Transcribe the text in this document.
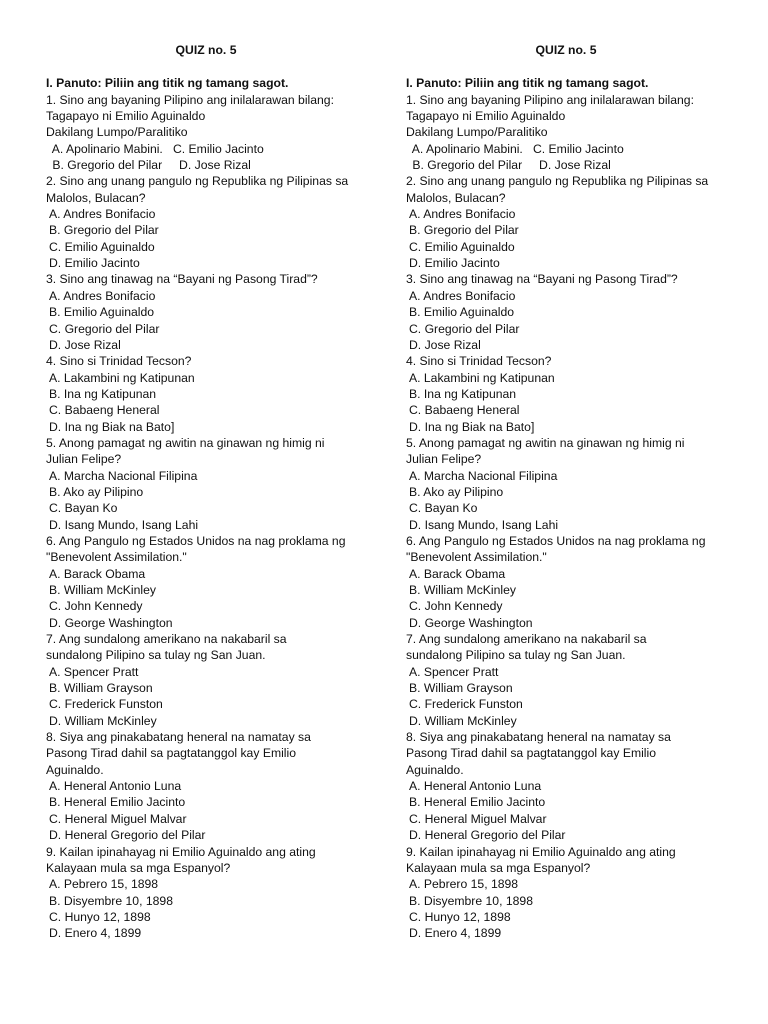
QUIZ no. 5
I. Panuto: Piliin ang titik ng tamang sagot.
1. Sino ang bayaning Pilipino ang inilalarawan bilang:
Tagapayo ni Emilio Aguinaldo
Dakilang Lumpo/Paralitiko
A. Apolinario Mabini.   C. Emilio Jacinto
B. Gregorio del Pilar     D. Jose Rizal
2. Sino ang unang pangulo ng Republika ng Pilipinas sa
Malolos, Bulacan?
A. Andres Bonifacio
B. Gregorio del Pilar
C. Emilio Aguinaldo
D. Emilio Jacinto
3. Sino ang tinawag na “Bayani ng Pasong Tirad”?
A. Andres Bonifacio
B. Emilio Aguinaldo
C. Gregorio del Pilar
D. Jose Rizal
4. Sino si Trinidad Tecson?
A. Lakambini ng Katipunan
B. Ina ng Katipunan
C. Babaeng Heneral
D. Ina ng Biak na Bato]
5. Anong pamagat ng awitin na ginawan ng himig ni
Julian Felipe?
A. Marcha Nacional Filipina
B. Ako ay Pilipino
C. Bayan Ko
D. Isang Mundo, Isang Lahi
6. Ang Pangulo ng Estados Unidos na nag proklama ng
"Benevolent Assimilation."
A. Barack Obama
B. William McKinley
C. John Kennedy
D. George Washington
7. Ang sundalong amerikano na nakabaril sa
sundalong Pilipino sa tulay ng San Juan.
A. Spencer Pratt
B. William Grayson
C. Frederick Funston
D. William McKinley
8. Siya ang pinakabatang heneral na namatay sa
Pasong Tirad dahil sa pagtatanggol kay Emilio
Aguinaldo.
A. Heneral Antonio Luna
B. Heneral Emilio Jacinto
C. Heneral Miguel Malvar
D. Heneral Gregorio del Pilar
9. Kailan ipinahayag ni Emilio Aguinaldo ang ating
Kalayaan mula sa mga Espanyol?
A. Pebrero 15, 1898
B. Disyembre 10, 1898
C. Hunyo 12, 1898
D. Enero 4, 1899
QUIZ no. 5
I. Panuto: Piliin ang titik ng tamang sagot.
1. Sino ang bayaning Pilipino ang inilalarawan bilang:
Tagapayo ni Emilio Aguinaldo
Dakilang Lumpo/Paralitiko
A. Apolinario Mabini.   C. Emilio Jacinto
B. Gregorio del Pilar     D. Jose Rizal
2. Sino ang unang pangulo ng Republika ng Pilipinas sa
Malolos, Bulacan?
A. Andres Bonifacio
B. Gregorio del Pilar
C. Emilio Aguinaldo
D. Emilio Jacinto
3. Sino ang tinawag na “Bayani ng Pasong Tirad”?
A. Andres Bonifacio
B. Emilio Aguinaldo
C. Gregorio del Pilar
D. Jose Rizal
4. Sino si Trinidad Tecson?
A. Lakambini ng Katipunan
B. Ina ng Katipunan
C. Babaeng Heneral
D. Ina ng Biak na Bato]
5. Anong pamagat ng awitin na ginawan ng himig ni
Julian Felipe?
A. Marcha Nacional Filipina
B. Ako ay Pilipino
C. Bayan Ko
D. Isang Mundo, Isang Lahi
6. Ang Pangulo ng Estados Unidos na nag proklama ng
"Benevolent Assimilation."
A. Barack Obama
B. William McKinley
C. John Kennedy
D. George Washington
7. Ang sundalong amerikano na nakabaril sa
sundalong Pilipino sa tulay ng San Juan.
A. Spencer Pratt
B. William Grayson
C. Frederick Funston
D. William McKinley
8. Siya ang pinakabatang heneral na namatay sa
Pasong Tirad dahil sa pagtatanggol kay Emilio
Aguinaldo.
A. Heneral Antonio Luna
B. Heneral Emilio Jacinto
C. Heneral Miguel Malvar
D. Heneral Gregorio del Pilar
9. Kailan ipinahayag ni Emilio Aguinaldo ang ating
Kalayaan mula sa mga Espanyol?
A. Pebrero 15, 1898
B. Disyembre 10, 1898
C. Hunyo 12, 1898
D. Enero 4, 1899
